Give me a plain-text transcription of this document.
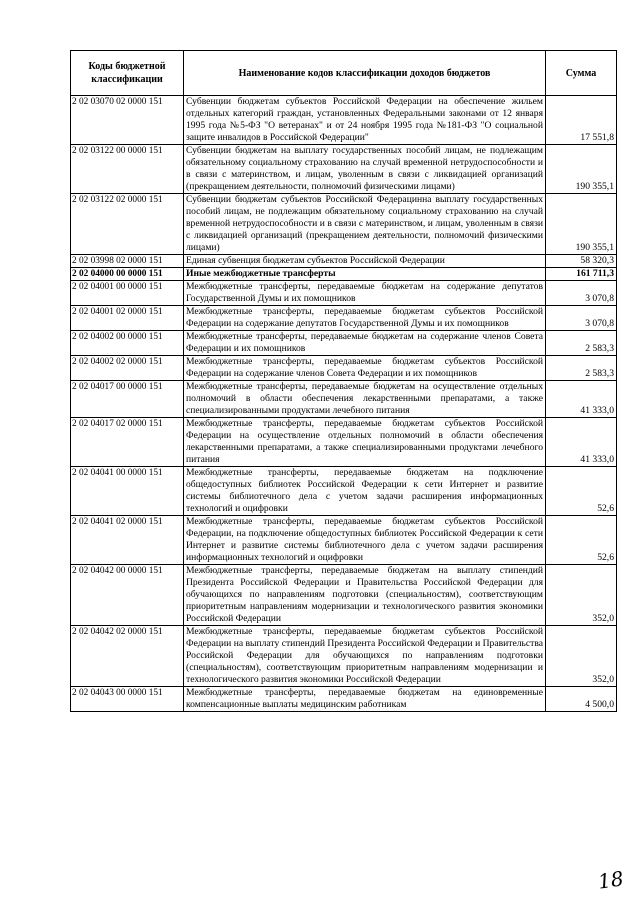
Коды бюджетной классификации	Наименование кодов классификации доходов бюджетов	Сумма
2 02 03070 02 0000 151	Субвенции бюджетам субъектов Российской Федерации на обеспечение жильем отдельных категорий граждан, установленных Федеральными законами от 12 января 1995 года №5-ФЗ "О ветеранах" и от 24 ноября 1995 года №181-ФЗ "О социальной защите инвалидов в Российской Федерации"	17 551,8
2 02 03122 00 0000 151	Субвенции бюджетам на выплату государственных пособий лицам, не подлежащим обязательному социальному страхованию на случай временной нетрудоспособности и в связи с материнством, и лицам, уволенным в связи с ликвидацией организаций (прекращением деятельности, полномочий физическими лицами)	190 355,1
2 02 03122 02 0000 151	Субвенции бюджетам субъектов Российской Федерацинна выплату государственных пособий лицам, не подлежащим обязательному социальному страхованию на случай временной нетрудоспособности и в связи с материнством, и лицам, уволенным в связи с ликвидацией организаций (прекращением деятельности, полномочий физическими лицами)	190 355,1
2 02 03998 02 0000 151	Единая субвенция бюджетам субъектов Российской Федерации	58 320,3
2 02 04000 00 0000 151	Иные межбюджетные трансферты	161 711,3
2 02 04001 00 0000 151	Межбюджетные трансферты, передаваемые бюджетам на содержание депутатов Государственной Думы и их помощников	3 070,8
2 02 04001 02 0000 151	Межбюджетные трансферты, передаваемые бюджетам субъектов Российской Федерации на содержание депутатов Государственной Думы и их помощников	3 070,8
2 02 04002 00 0000 151	Межбюджетные трансферты, передаваемые бюджетам на содержание членов Совета Федерации и их помощников	2 583,3
2 02 04002 02 0000 151	Межбюджетные трансферты, передаваемые бюджетам субъектов Российской Федерации на содержание членов Совета Федерации и их помощников	2 583,3
2 02 04017 00 0000 151	Межбюджетные трансферты, передаваемые бюджетам на осуществление отдельных полномочий в области обеспечения лекарственными препаратами, а также специализированными продуктами лечебного питания	41 333,0
2 02 04017 02 0000 151	Межбюджетные трансферты, передаваемые бюджетам субъектов Российской Федерации на осуществление отдельных полномочий в области обеспечения лекарственными препаратами, а также специализированными продуктами лечебного питания	41 333,0
2 02 04041 00 0000 151	Межбюджетные трансферты, передаваемые бюджетам на подключение общедоступных библиотек Российской Федерации к сети Интернет и развитие системы библиотечного дела с учетом задачи расширения информационных технологий и оцифровки	52,6
2 02 04041 02 0000 151	Межбюджетные трансферты, передаваемые бюджетам субъектов Российской Федерации, на подключение общедоступных библиотек Российской Федерации к сети Интернет и развитие системы библиотечного дела с учетом задачи расширения информационных технологий и оцифровки	52,6
2 02 04042 00 0000 151	Межбюджетные трансферты, передаваемые бюджетам на выплату стипендий Президента Российской Федерации и Правительства Российской Федерации для обучающихся по направлениям подготовки (специальностям), соответствующим приоритетным направлениям модернизации и технологического развития экономики Российской Федерации	352,0
2 02 04042 02 0000 151	Межбюджетные трансферты, передаваемые бюджетам субъектов Российской Федерации на выплату стипендий Президента Российской Федерации и Правительства Российской Федерации для обучающихся по направлениям подготовки (специальностям), соответствующим приоритетным направлениям модернизации и технологического развития экономики Российской Федерации	352,0
2 02 04043 00 0000 151	Межбюджетные трансферты, передаваемые бюджетам на единовременные компенсационные выплаты медицинским работникам	4 500,0
18
